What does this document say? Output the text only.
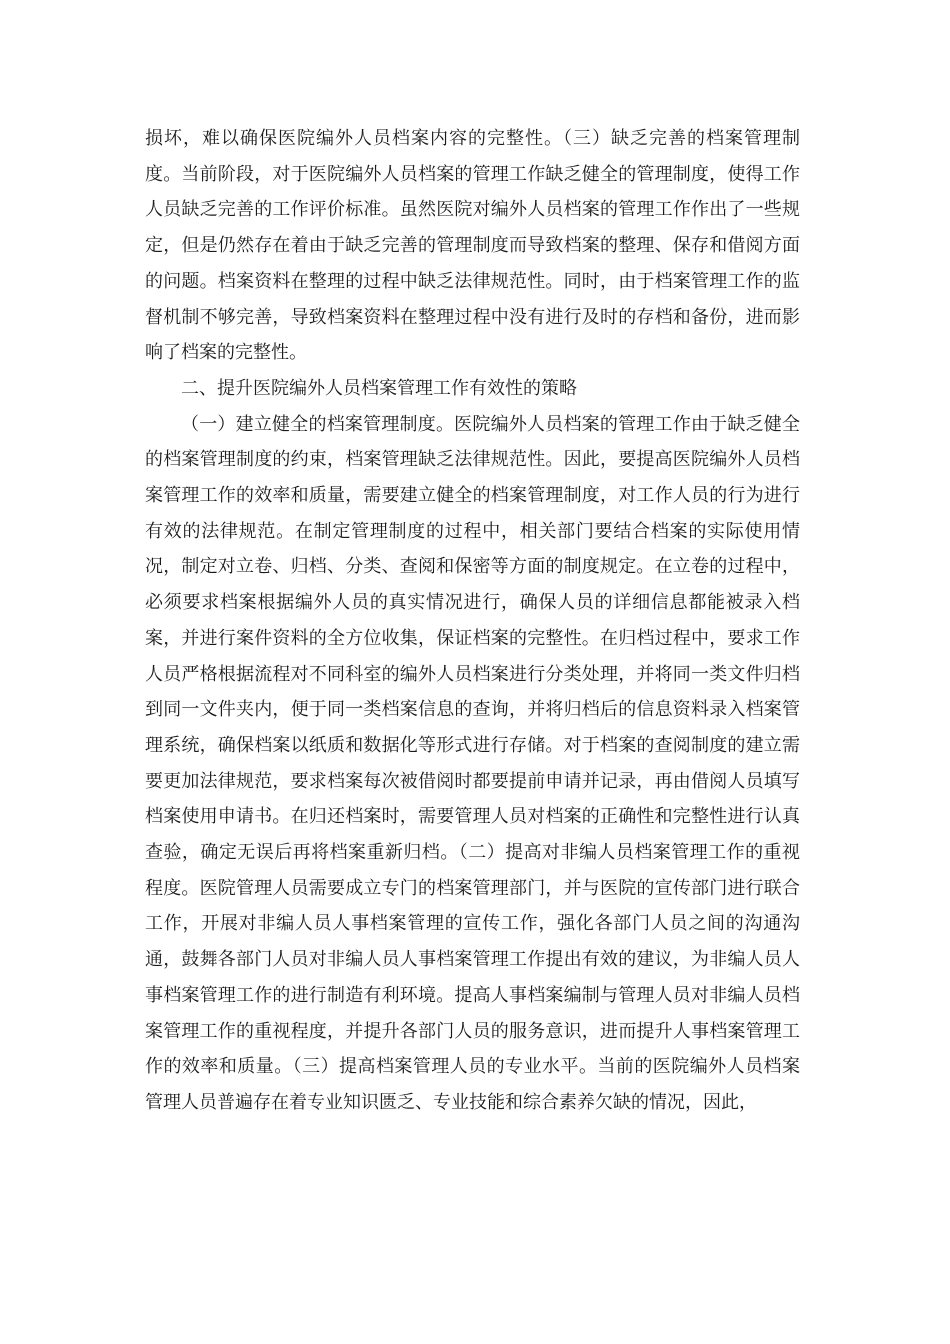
损坏，难以确保医院编外人员档案内容的完整性。（三）缺乏完善的档案管理制度。当前阶段，对于医院编外人员档案的管理工作缺乏健全的管理制度，使得工作人员缺乏完善的工作评价标准。虽然医院对编外人员档案的管理工作作出了一些规定，但是仍然存在着由于缺乏完善的管理制度而导致档案的整理、保存和借阅方面的问题。档案资料在整理的过程中缺乏法律规范性。同时，由于档案管理工作的监督机制不够完善，导致档案资料在整理过程中没有进行及时的存档和备份，进而影响了档案的完整性。

二、提升医院编外人员档案管理工作有效性的策略

（一）建立健全的档案管理制度。医院编外人员档案的管理工作由于缺乏健全的档案管理制度的约束，档案管理缺乏法律规范性。因此，要提高医院编外人员档案管理工作的效率和质量，需要建立健全的档案管理制度，对工作人员的行为进行有效的法律规范。在制定管理制度的过程中，相关部门要结合档案的实际使用情况，制定对立卷、归档、分类、查阅和保密等方面的制度规定。在立卷的过程中，必须要求档案根据编外人员的真实情况进行，确保人员的详细信息都能被录入档案，并进行案件资料的全方位收集，保证档案的完整性。在归档过程中，要求工作人员严格根据流程对不同科室的编外人员档案进行分类处理，并将同一类文件归档到同一文件夹内，便于同一类档案信息的查询，并将归档后的信息资料录入档案管理系统，确保档案以纸质和数据化等形式进行存储。对于档案的查阅制度的建立需要更加法律规范，要求档案每次被借阅时都要提前申请并记录，再由借阅人员填写档案使用申请书。在归还档案时，需要管理人员对档案的正确性和完整性进行认真查验，确定无误后再将档案重新归档。（二）提高对非编人员档案管理工作的重视程度。医院管理人员需要成立专门的档案管理部门，并与医院的宣传部门进行联合工作，开展对非编人员人事档案管理的宣传工作，强化各部门人员之间的沟通沟通，鼓舞各部门人员对非编人员人事档案管理工作提出有效的建议，为非编人员人事档案管理工作的进行制造有利环境。提高人事档案编制与管理人员对非编人员档案管理工作的重视程度，并提升各部门人员的服务意识，进而提升人事档案管理工作的效率和质量。（三）提高档案管理人员的专业水平。当前的医院编外人员档案管理人员普遍存在着专业知识匮乏、专业技能和综合素养欠缺的情况，因此，
